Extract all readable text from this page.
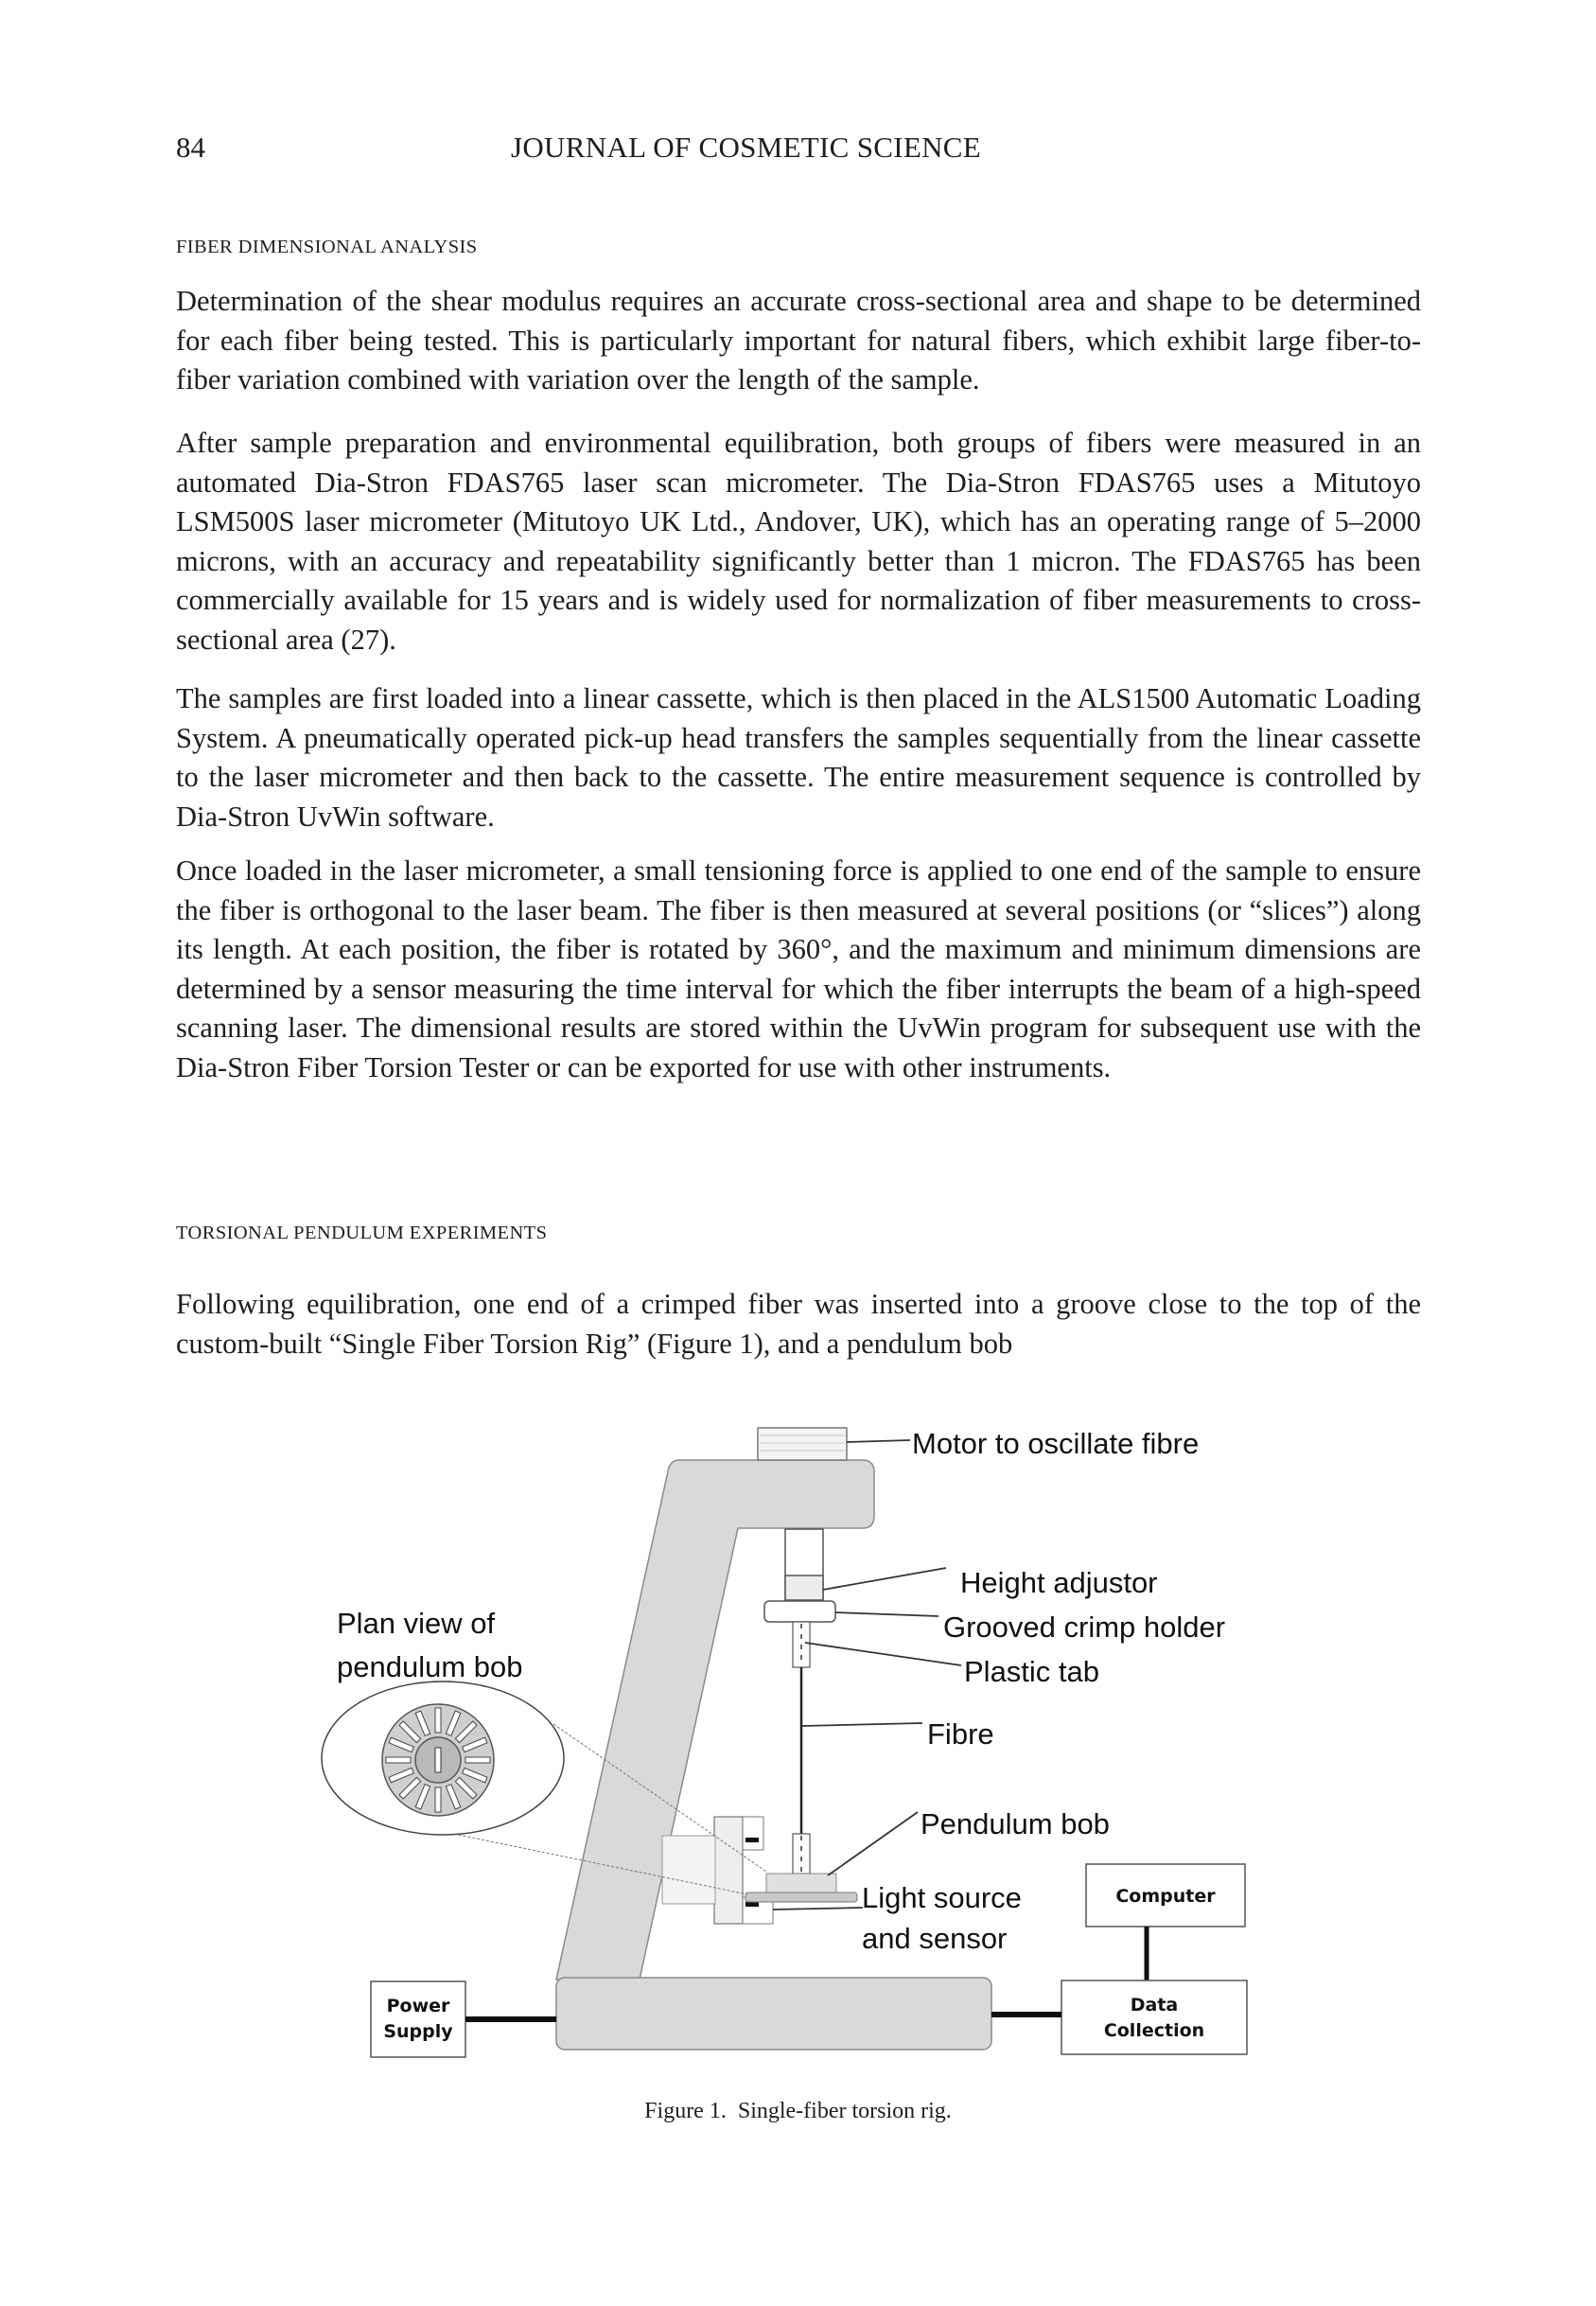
84	JOURNAL OF COSMETIC SCIENCE
FIBER DIMENSIONAL ANALYSIS

Determination of the shear modulus requires an accurate cross-sectional area and shape to be determined for each fiber being tested. This is particularly important for natural fibers, which exhibit large fiber-to-fiber variation combined with variation over the length of the sample.

After sample preparation and environmental equilibration, both groups of fibers were measured in an automated Dia-Stron FDAS765 laser scan micrometer. The Dia-Stron FDAS765 uses a Mitutoyo LSM500S laser micrometer (Mitutoyo UK Ltd., Andover, UK), which has an operating range of 5–2000 microns, with an accuracy and repeatability significantly better than 1 micron. The FDAS765 has been commercially available for 15 years and is widely used for normalization of fiber measurements to cross-sectional area (27).

The samples are first loaded into a linear cassette, which is then placed in the ALS1500 Automatic Loading System. A pneumatically operated pick-up head transfers the samples sequentially from the linear cassette to the laser micrometer and then back to the cassette. The entire measurement sequence is controlled by Dia-Stron UvWin software.

Once loaded in the laser micrometer, a small tensioning force is applied to one end of the sample to ensure the fiber is orthogonal to the laser beam. The fiber is then measured at several positions (or “slices”) along its length. At each position, the fiber is rotated by 360°, and the maximum and minimum dimensions are determined by a sensor measuring the time interval for which the fiber interrupts the beam of a high-speed scanning laser. The dimensional results are stored within the UvWin program for subsequent use with the Dia-Stron Fiber Torsion Tester or can be exported for use with other instruments.

TORSIONAL PENDULUM EXPERIMENTS

Following equilibration, one end of a crimped fiber was inserted into a groove close to the top of the custom-built “Single Fiber Torsion Rig” (Figure 1), and a pendulum bob

Motor to oscillate fibre
Height adjustor
Grooved crimp holder
Plastic tab
Fibre
Pendulum bob
Light source
and sensor
Plan view of
pendulum bob
Computer
Data
Collection
Power
Supply
Figure 1. Single-fiber torsion rig.
